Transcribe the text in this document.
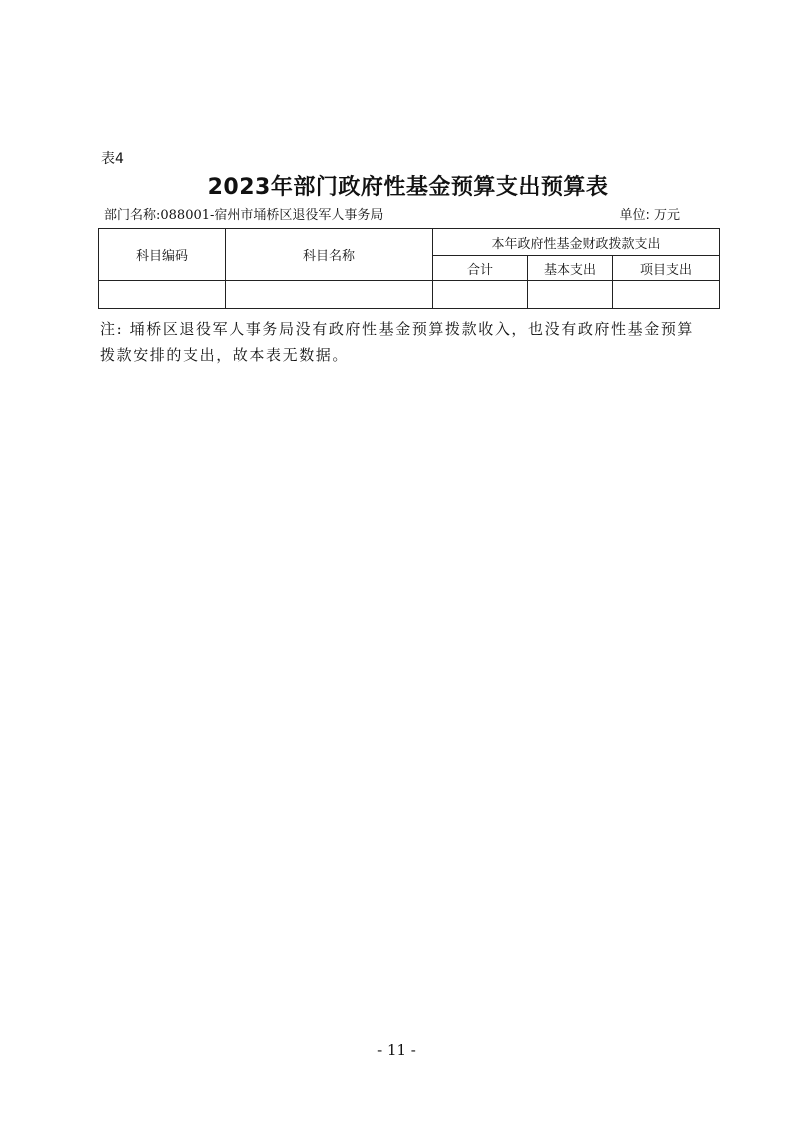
表4
2023年部门政府性基金预算支出预算表
部门名称:088001-宿州市埇桥区退役军人事务局	单位: 万元
科目编码	科目名称	本年政府性基金财政拨款支出		
		合计	基本支出	项目支出

注: 埇桥区退役军人事务局没有政府性基金预算拨款收入，也没有政府性基金预算拨款安排的支出，故本表无数据。
- 11 -
